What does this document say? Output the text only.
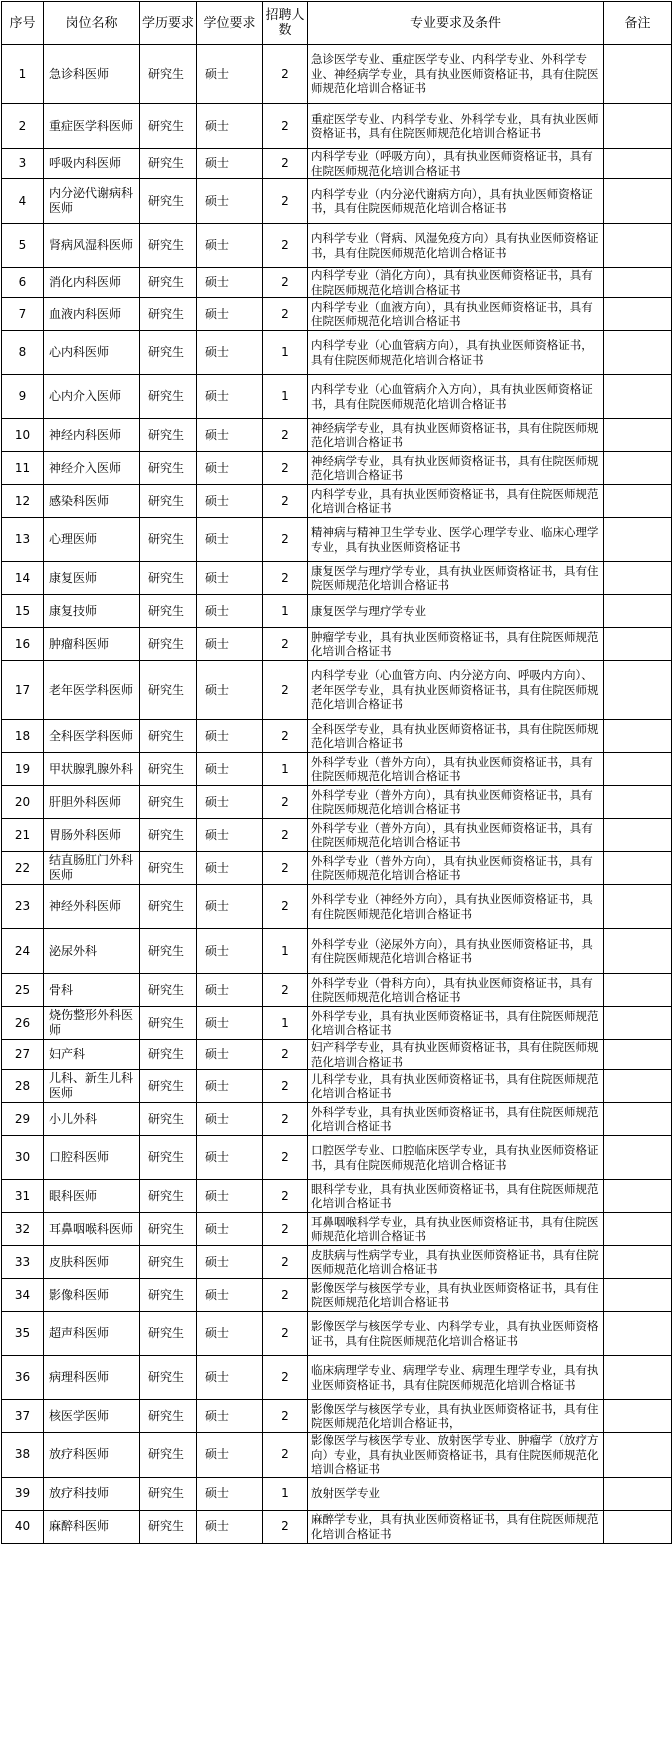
序号	岗位名称	学历要求	学位要求	招聘人数	专业要求及条件	备注
1	急诊科医师	研究生	硕士	2	急诊医学专业、重症医学专业、内科学专业、外科学专业、神经病学专业，具有执业医师资格证书，具有住院医师规范化培训合格证书	
2	重症医学科医师	研究生	硕士	2	重症医学专业、内科学专业、外科学专业，具有执业医师资格证书，具有住院医师规范化培训合格证书	
3	呼吸内科医师	研究生	硕士	2	内科学专业（呼吸方向），具有执业医师资格证书，具有住院医师规范化培训合格证书	
4	内分泌代谢病科医师	研究生	硕士	2	内科学专业（内分泌代谢病方向），具有执业医师资格证书，具有住院医师规范化培训合格证书	
5	肾病风湿科医师	研究生	硕士	2	内科学专业（肾病、风湿免疫方向）具有执业医师资格证书，具有住院医师规范化培训合格证书	
6	消化内科医师	研究生	硕士	2	内科学专业（消化方向），具有执业医师资格证书，具有住院医师规范化培训合格证书	
7	血液内科医师	研究生	硕士	2	内科学专业（血液方向），具有执业医师资格证书，具有住院医师规范化培训合格证书	
8	心内科医师	研究生	硕士	1	内科学专业（心血管病方向），具有执业医师资格证书，具有住院医师规范化培训合格证书	
9	心内介入医师	研究生	硕士	1	内科学专业（心血管病介入方向），具有执业医师资格证书，具有住院医师规范化培训合格证书	
10	神经内科医师	研究生	硕士	2	神经病学专业，具有执业医师资格证书，具有住院医师规范化培训合格证书	
11	神经介入医师	研究生	硕士	2	神经病学专业，具有执业医师资格证书，具有住院医师规范化培训合格证书	
12	感染科医师	研究生	硕士	2	内科学专业，具有执业医师资格证书，具有住院医师规范化培训合格证书	
13	心理医师	研究生	硕士	2	精神病与精神卫生学专业、医学心理学专业、临床心理学专业，具有执业医师资格证书	
14	康复医师	研究生	硕士	2	康复医学与理疗学专业，具有执业医师资格证书，具有住院医师规范化培训合格证书	
15	康复技师	研究生	硕士	1	康复医学与理疗学专业	
16	肿瘤科医师	研究生	硕士	2	肿瘤学专业，具有执业医师资格证书，具有住院医师规范化培训合格证书	
17	老年医学科医师	研究生	硕士	2	内科学专业（心血管方向、内分泌方向、呼吸内方向）、老年医学专业，具有执业医师资格证书，具有住院医师规范化培训合格证书	
18	全科医学科医师	研究生	硕士	2	全科医学专业，具有执业医师资格证书，具有住院医师规范化培训合格证书	
19	甲状腺乳腺外科	研究生	硕士	1	外科学专业（普外方向），具有执业医师资格证书，具有住院医师规范化培训合格证书	
20	肝胆外科医师	研究生	硕士	2	外科学专业（普外方向），具有执业医师资格证书，具有住院医师规范化培训合格证书	
21	胃肠外科医师	研究生	硕士	2	外科学专业（普外方向），具有执业医师资格证书，具有住院医师规范化培训合格证书	
22	结直肠肛门外科医师	研究生	硕士	2	外科学专业（普外方向），具有执业医师资格证书，具有住院医师规范化培训合格证书	
23	神经外科医师	研究生	硕士	2	外科学专业（神经外方向），具有执业医师资格证书，具有住院医师规范化培训合格证书	
24	泌尿外科	研究生	硕士	1	外科学专业（泌尿外方向），具有执业医师资格证书，具有住院医师规范化培训合格证书	
25	骨科	研究生	硕士	2	外科学专业（骨科方向），具有执业医师资格证书，具有住院医师规范化培训合格证书	
26	烧伤整形外科医师	研究生	硕士	1	外科学专业，具有执业医师资格证书，具有住院医师规范化培训合格证书	
27	妇产科	研究生	硕士	2	妇产科学专业，具有执业医师资格证书，具有住院医师规范化培训合格证书	
28	儿科、新生儿科医师	研究生	硕士	2	儿科学专业，具有执业医师资格证书，具有住院医师规范化培训合格证书	
29	小儿外科	研究生	硕士	2	外科学专业，具有执业医师资格证书，具有住院医师规范化培训合格证书	
30	口腔科医师	研究生	硕士	2	口腔医学专业、口腔临床医学专业，具有执业医师资格证书，具有住院医师规范化培训合格证书	
31	眼科医师	研究生	硕士	2	眼科学专业，具有执业医师资格证书，具有住院医师规范化培训合格证书	
32	耳鼻咽喉科医师	研究生	硕士	2	耳鼻咽喉科学专业，具有执业医师资格证书，具有住院医师规范化培训合格证书	
33	皮肤科医师	研究生	硕士	2	皮肤病与性病学专业，具有执业医师资格证书，具有住院医师规范化培训合格证书	
34	影像科医师	研究生	硕士	2	影像医学与核医学专业，具有执业医师资格证书，具有住院医师规范化培训合格证书	
35	超声科医师	研究生	硕士	2	影像医学与核医学专业、内科学专业，具有执业医师资格证书，具有住院医师规范化培训合格证书	
36	病理科医师	研究生	硕士	2	临床病理学专业、病理学专业、病理生理学专业，具有执业医师资格证书，具有住院医师规范化培训合格证书	
37	核医学医师	研究生	硕士	2	影像医学与核医学专业，具有执业医师资格证书，具有住院医师规范化培训合格证书，	
38	放疗科医师	研究生	硕士	2	影像医学与核医学专业、放射医学专业、肿瘤学（放疗方向）专业，具有执业医师资格证书，具有住院医师规范化培训合格证书	
39	放疗科技师	研究生	硕士	1	放射医学专业	
40	麻醉科医师	研究生	硕士	2	麻醉学专业，具有执业医师资格证书，具有住院医师规范化培训合格证书	
